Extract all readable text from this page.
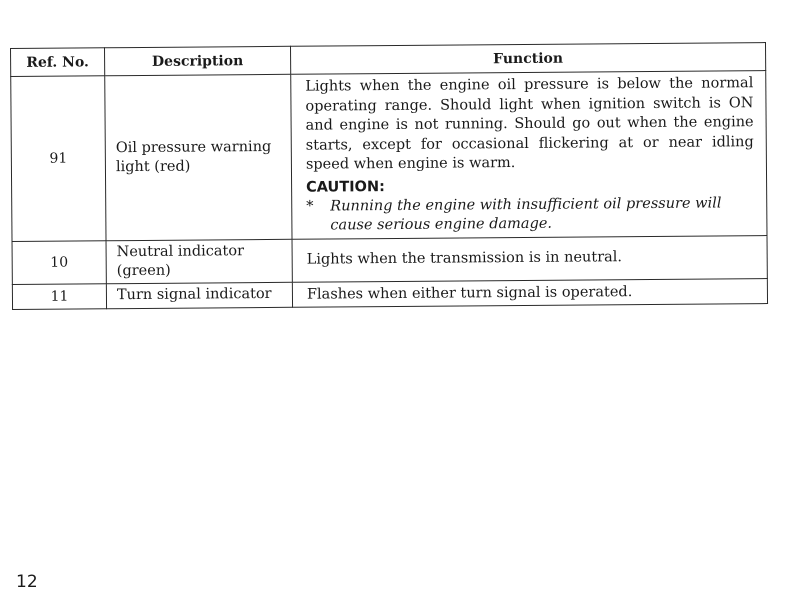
Ref. No.	Description	Function
91	Oil pressure warning light (red)	Lights when the engine oil pressure is below the normal operating range. Should light when ignition switch is ON and engine is not running. Should go out when the engine starts, except for occasional flickering at or near idling speed when engine is warm.
CAUTION:
* Running the engine with insufficient oil pressure will cause serious engine damage.

10	Neutral indicator (green)	Lights when the transmission is in neutral.
11	Turn signal indicator	Flashes when either turn signal is operated.
12
